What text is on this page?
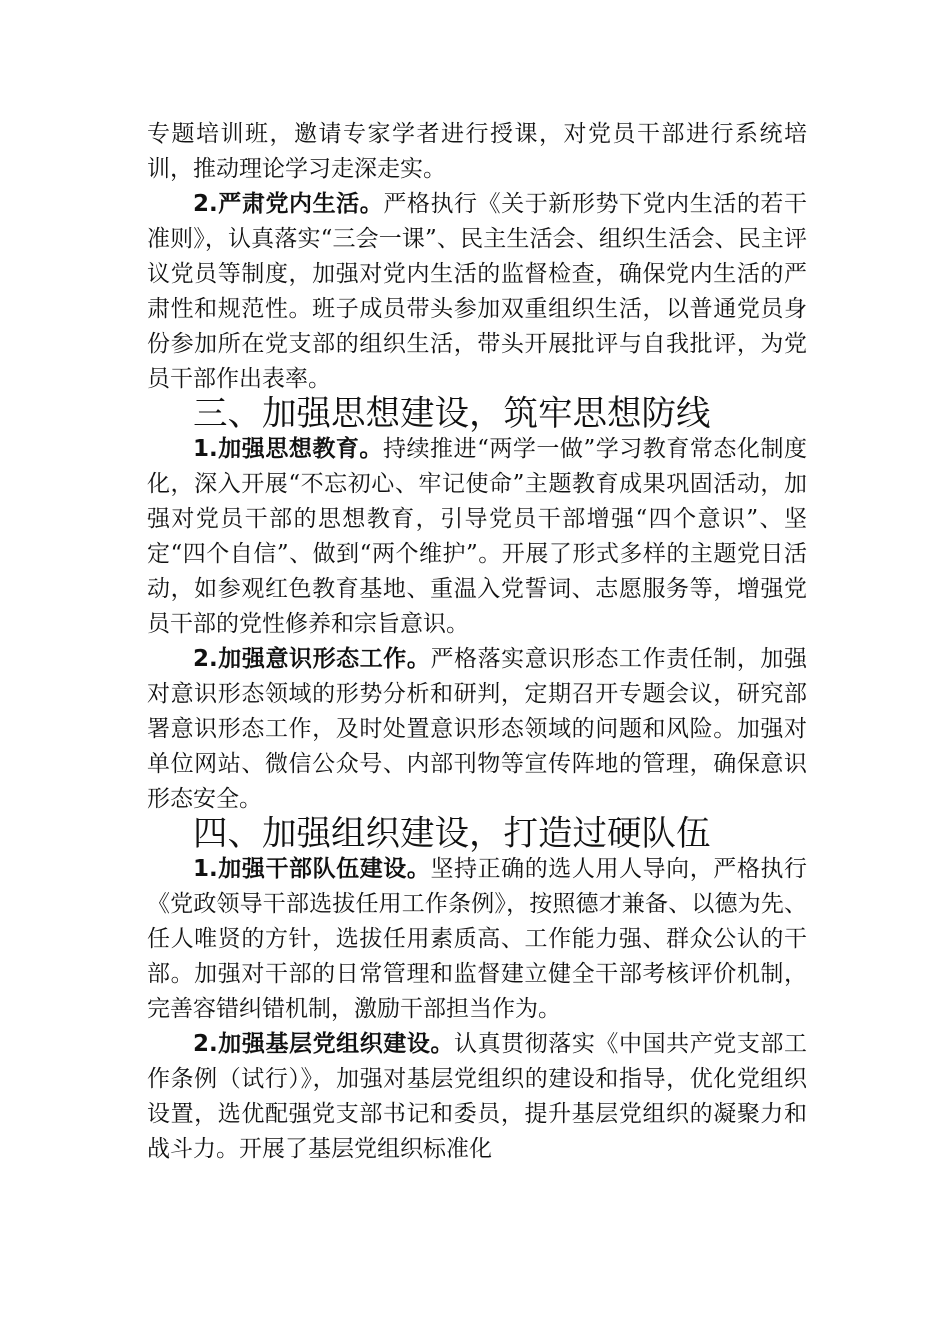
专题培训班，邀请专家学者进行授课，对党员干部进行系统培训，推动理论学习走深走实。

2.严肃党内生活。严格执行《关于新形势下党内生活的若干准则》，认真落实“三会一课”、民主生活会、组织生活会、民主评议党员等制度，加强对党内生活的监督检查，确保党内生活的严肃性和规范性。班子成员带头参加双重组织生活，以普通党员身份参加所在党支部的组织生活，带头开展批评与自我批评，为党员干部作出表率。

三、加强思想建设，筑牢思想防线

1.加强思想教育。持续推进“两学一做”学习教育常态化制度化，深入开展“不忘初心、牢记使命”主题教育成果巩固活动，加强对党员干部的思想教育，引导党员干部增强“四个意识”、坚定“四个自信”、做到“两个维护”。开展了形式多样的主题党日活动，如参观红色教育基地、重温入党誓词、志愿服务等，增强党员干部的党性修养和宗旨意识。

2.加强意识形态工作。严格落实意识形态工作责任制，加强对意识形态领域的形势分析和研判，定期召开专题会议，研究部署意识形态工作，及时处置意识形态领域的问题和风险。加强对单位网站、微信公众号、内部刊物等宣传阵地的管理，确保意识形态安全。

四、加强组织建设，打造过硬队伍

1.加强干部队伍建设。坚持正确的选人用人导向，严格执行《党政领导干部选拔任用工作条例》，按照德才兼备、以德为先、任人唯贤的方针，选拔任用素质高、工作能力强、群众公认的干部。加强对干部的日常管理和监督建立健全干部考核评价机制，完善容错纠错机制，激励干部担当作为。

2.加强基层党组织建设。认真贯彻落实《中国共产党支部工作条例（试行）》，加强对基层党组织的建设和指导，优化党组织设置，选优配强党支部书记和委员，提升基层党组织的凝聚力和战斗力。开展了基层党组织标准化
